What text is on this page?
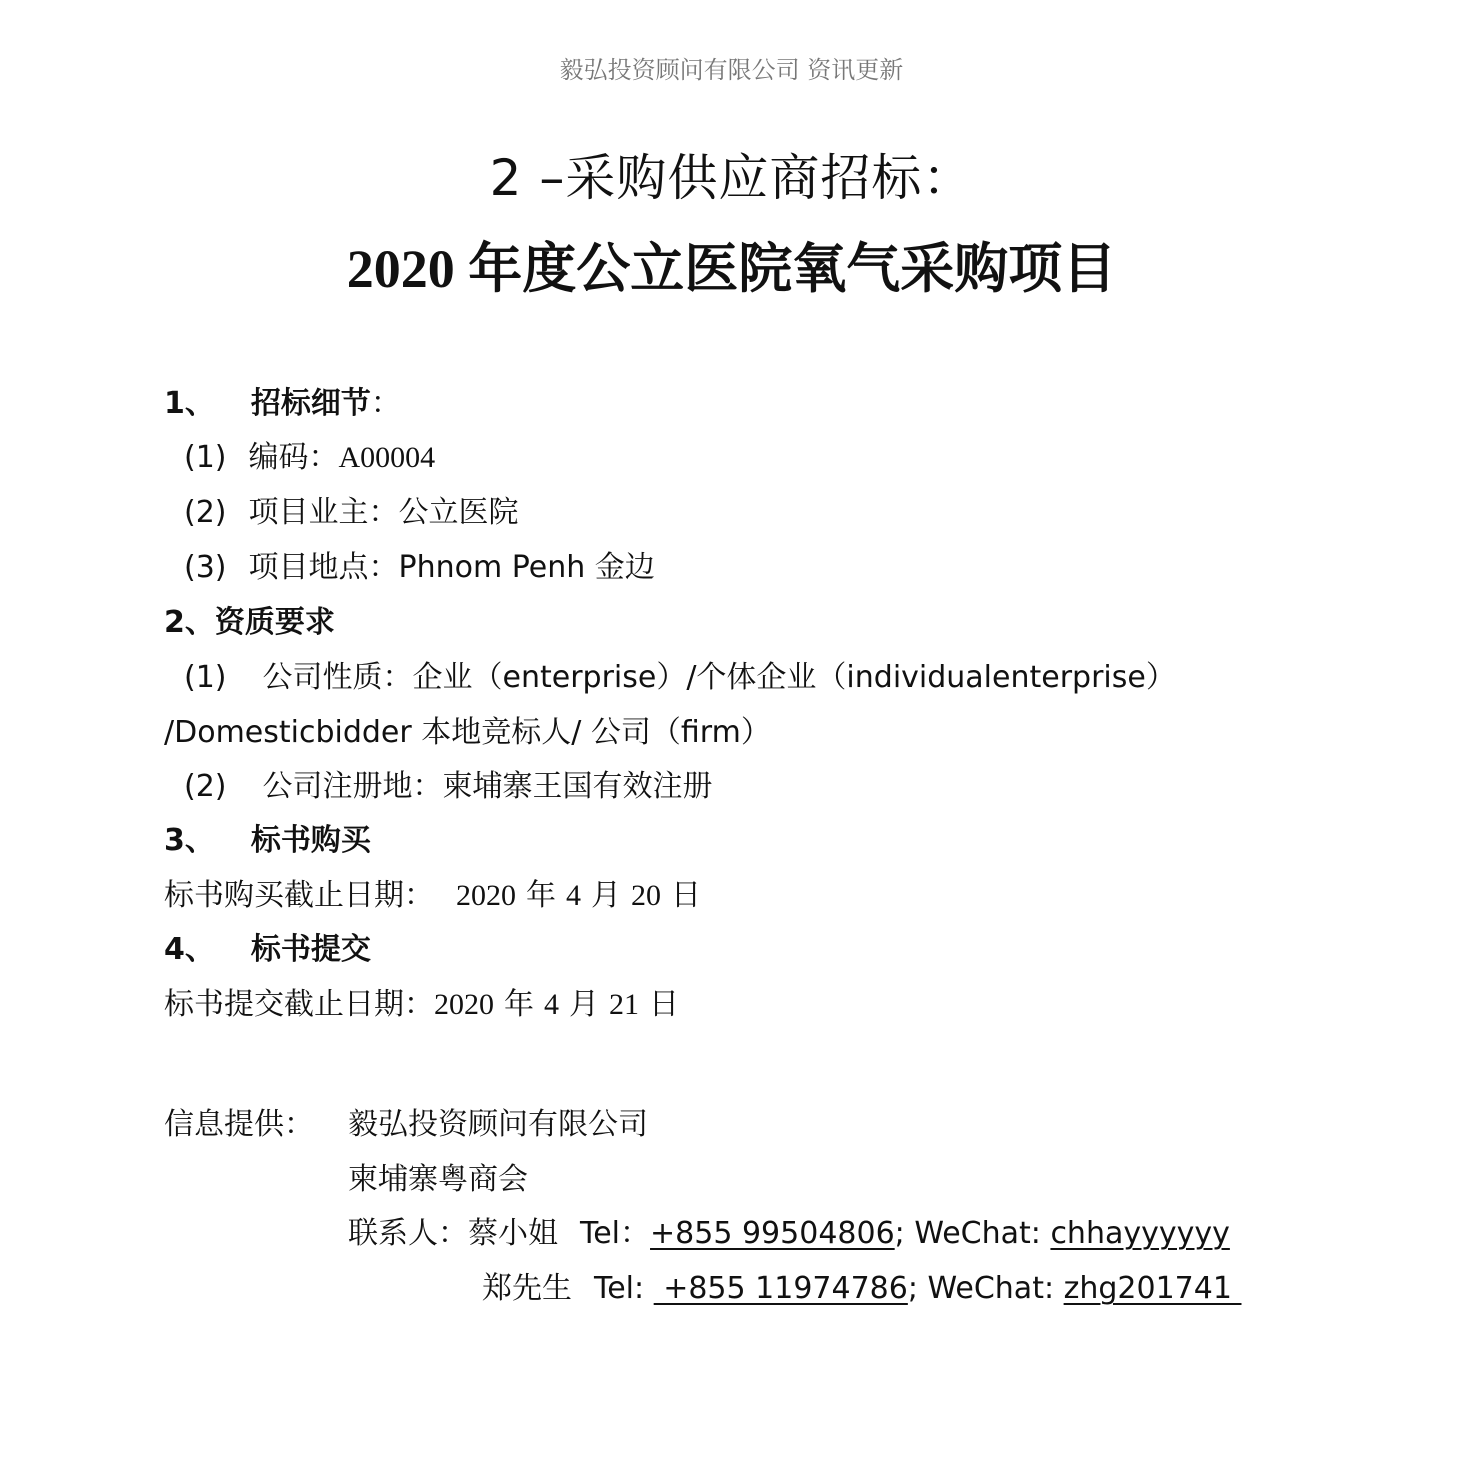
毅弘投资顾问有限公司 资讯更新
2 –采购供应商招标：
2020 年度公立医院氧气采购项目
1、 招标细节：
(1) 编码：A00004
(2) 项目业主：公立医院
(3) 项目地点：Phnom Penh 金边
2、资质要求
(1) 公司性质：企业（enterprise）/个体企业（individualenterprise）
/Domesticbidder 本地竞标人/ 公司（firm）
(2) 公司注册地：柬埔寨王国有效注册
3、 标书购买
标书购买截止日期： 2020 年 4 月 20 日
4、 标书提交
标书提交截止日期：2020 年 4 月 21 日
信息提供： 毅弘投资顾问有限公司
柬埔寨粤商会
联系人：蔡小姐 Tel：+855 99504806; WeChat: chhayyyyyy
郑先生 Tel:  +855 11974786; WeChat: zhg201741
